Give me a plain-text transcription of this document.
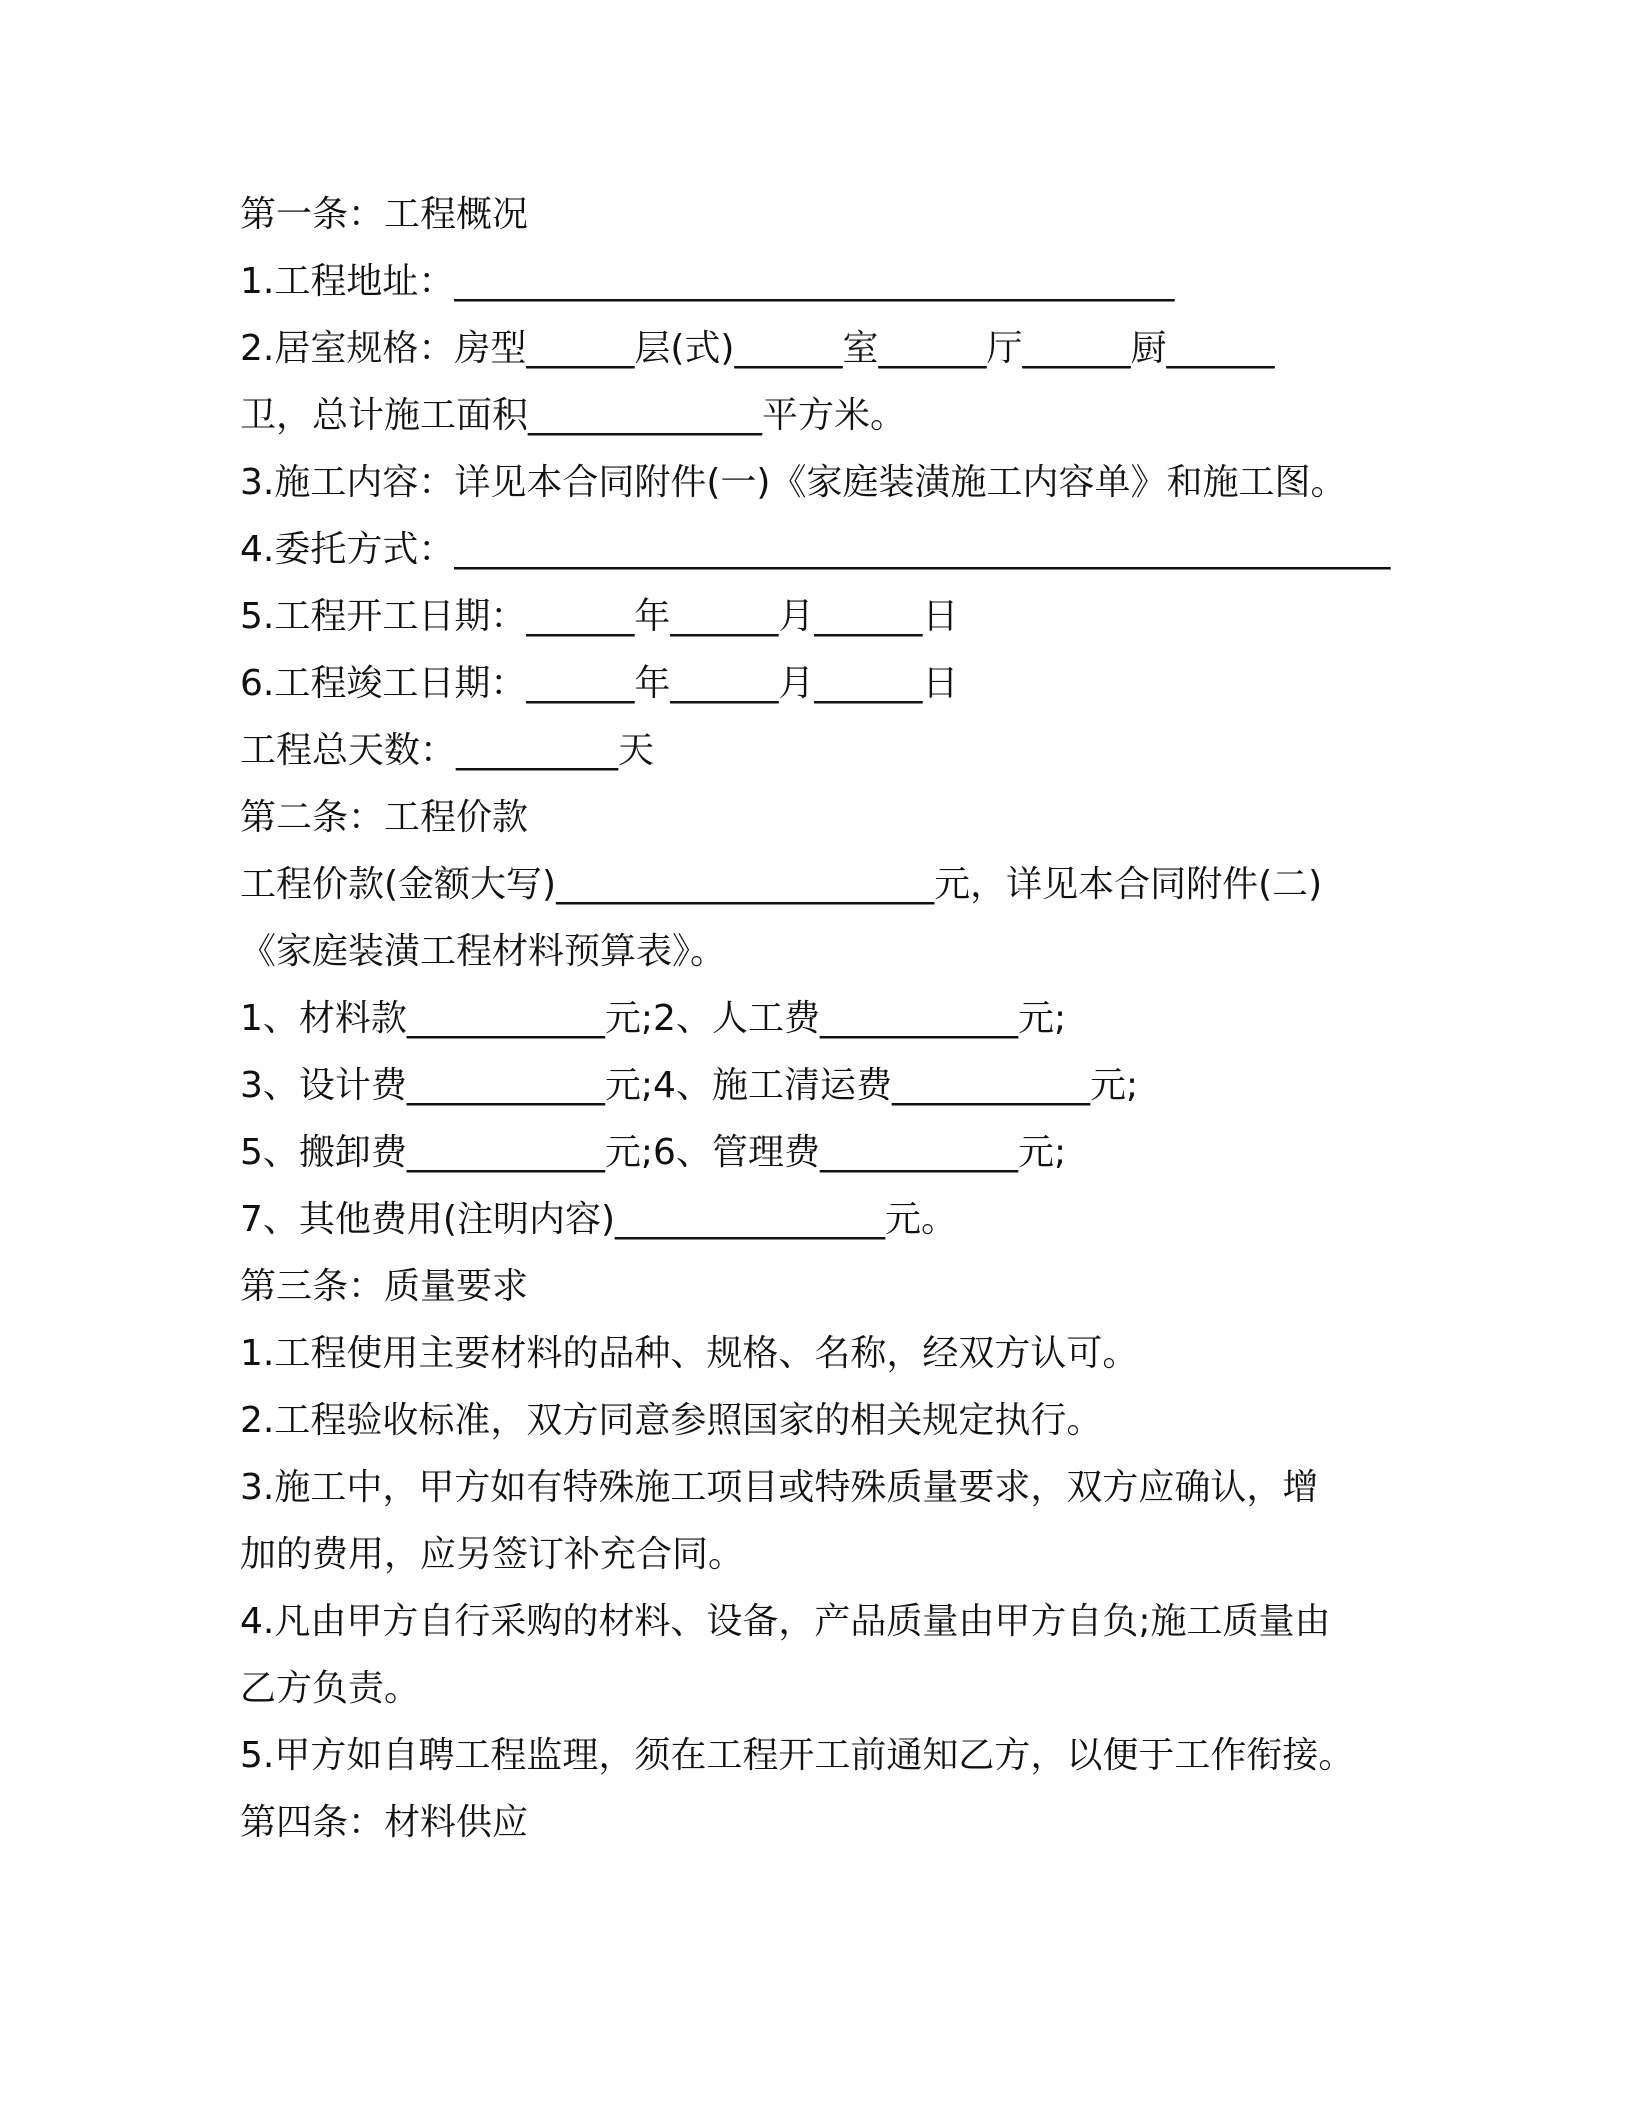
第一条：工程概况
1.工程地址：________________________________________
2.居室规格：房型______层(式)______室______厅______厨______
卫，总计施工面积_____________平方米。
3.施工内容：详见本合同附件(一)《家庭装潢施工内容单》和施工图。
4.委托方式：____________________________________________________
5.工程开工日期：______年______月______日
6.工程竣工日期：______年______月______日
工程总天数：_________天
第二条：工程价款
工程价款(金额大写)_____________________元，详见本合同附件(二)
《家庭装潢工程材料预算表》。
1、材料款___________元;2、人工费___________元;
3、设计费___________元;4、施工清运费___________元;
5、搬卸费___________元;6、管理费___________元;
7、其他费用(注明内容)_______________元。
第三条：质量要求
1.工程使用主要材料的品种、规格、名称，经双方认可。
2.工程验收标准，双方同意参照国家的相关规定执行。
3.施工中，甲方如有特殊施工项目或特殊质量要求，双方应确认，增
加的费用，应另签订补充合同。
4.凡由甲方自行采购的材料、设备，产品质量由甲方自负;施工质量由
乙方负责。
5.甲方如自聘工程监理，须在工程开工前通知乙方，以便于工作衔接。
第四条：材料供应
